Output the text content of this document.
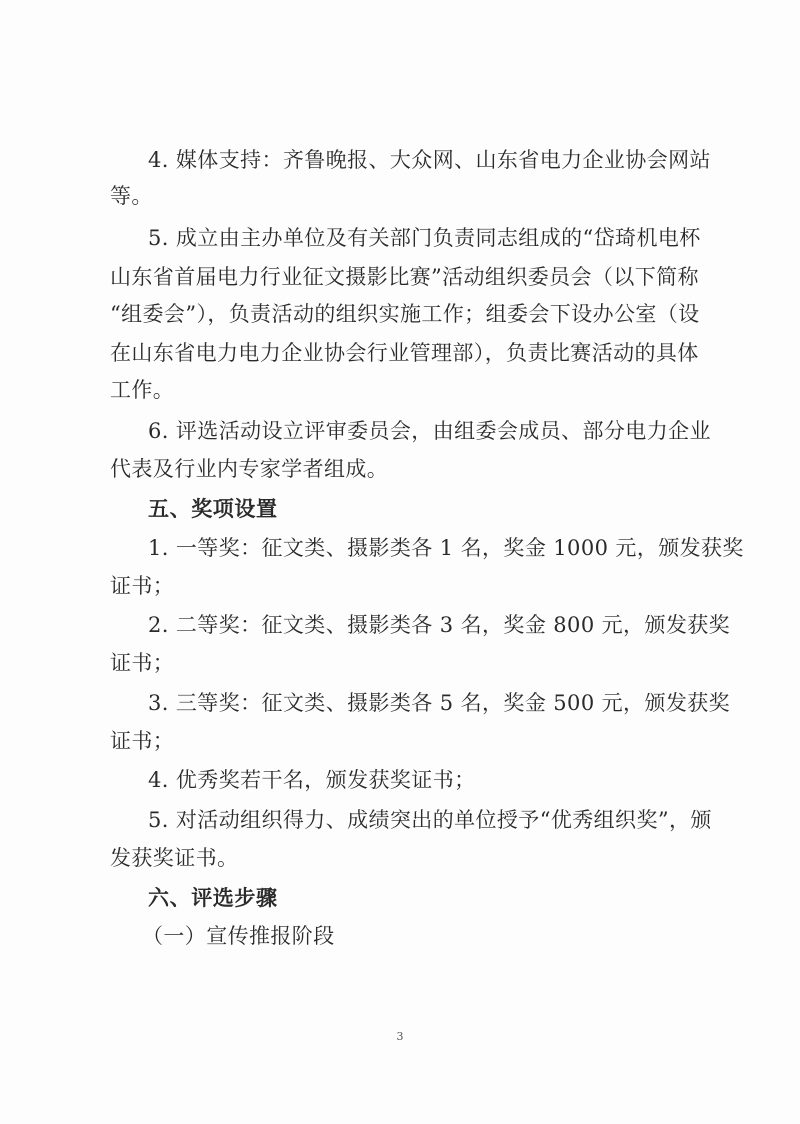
4. 媒体支持：齐鲁晚报、大众网、山东省电力企业协会网站
等。
5. 成立由主办单位及有关部门负责同志组成的“岱琦机电杯
山东省首届电力行业征文摄影比赛”活动组织委员会（以下简称
“组委会”），负责活动的组织实施工作；组委会下设办公室（设
在山东省电力电力企业协会行业管理部），负责比赛活动的具体
工作。
6. 评选活动设立评审委员会，由组委会成员、部分电力企业
代表及行业内专家学者组成。
五、奖项设置
1. 一等奖：征文类、摄影类各 1 名，奖金 1000 元，颁发获奖
证书；
2. 二等奖：征文类、摄影类各 3 名，奖金 800 元，颁发获奖
证书；
3. 三等奖：征文类、摄影类各 5 名，奖金 500 元，颁发获奖
证书；
4. 优秀奖若干名，颁发获奖证书；
5. 对活动组织得力、成绩突出的单位授予“优秀组织奖”，颁
发获奖证书。
六、评选步骤
（一）宣传推报阶段
3
